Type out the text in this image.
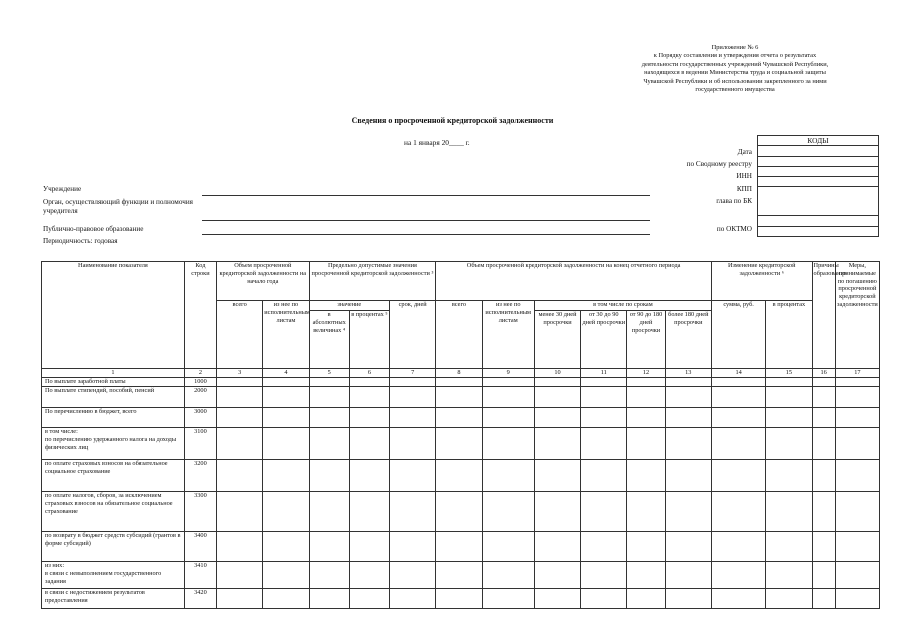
Приложение № 6
к Порядку составления и утверждения отчета о результатах
деятельности государственных учреждений Чувашской Республики,
находящихся в ведении Министерства труда и социальной защиты
Чувашской Республики и об использовании закрепленного за ними
государственного имущества
Сведения о просроченной кредиторской задолженности
на 1 января 20____ г.	КОДЫ

Дата
по Сводному реестру
ИНН
КПП
глава по БК
по ОКТМО
Учреждение
Орган, осуществляющий функции и полномочия учредителя
Публично-правовое образование
Периодичность: годовая
Наименование показателя	Код строки	Объем просроченной кредиторской задолженности на начало года		Предельно допустимые значения просроченной кредиторской задолженности ³			Объем просроченной кредиторской задолженности на конец отчетного периода						Изменение кредиторской задолженности ⁶		Причины образования	Меры, принимаемые по погашению просроченной кредиторской задолженности
		всего	из нее по исполнительным листам	значение		срок, дней	всего	из нее по исполнительным листам	в том числе по срокам				сумма, руб.	в процентах		
				в абсолютных величинах ⁴	в процентах ⁵				менее 30 дней просрочки	от 30 до 90 дней просрочки	от 90 до 180 дней просрочки	более 180 дней просрочки				
1	2	3	4	5	6	7	8	9	10	11	12	13	14	15	16	17
По выплате заработной платы	1000															
По выплате стипендий, пособий, пенсий	2000															
По перечислению в бюджет, всего	3000															
в том числе:
по перечислению удержанного налога на доходы физических лиц	3100															
по оплате страховых взносов на обязательное социальное страхование	3200															
по оплате налогов, сборов, за исключением страховых взносов на обязательное социальное страхование	3300															
по возврату в бюджет средств субсидий (грантов в форме субсидий)	3400															
из них:
в связи с невыполнением государственного задания	3410															
в связи с недостижением результатов предоставления	3420															
